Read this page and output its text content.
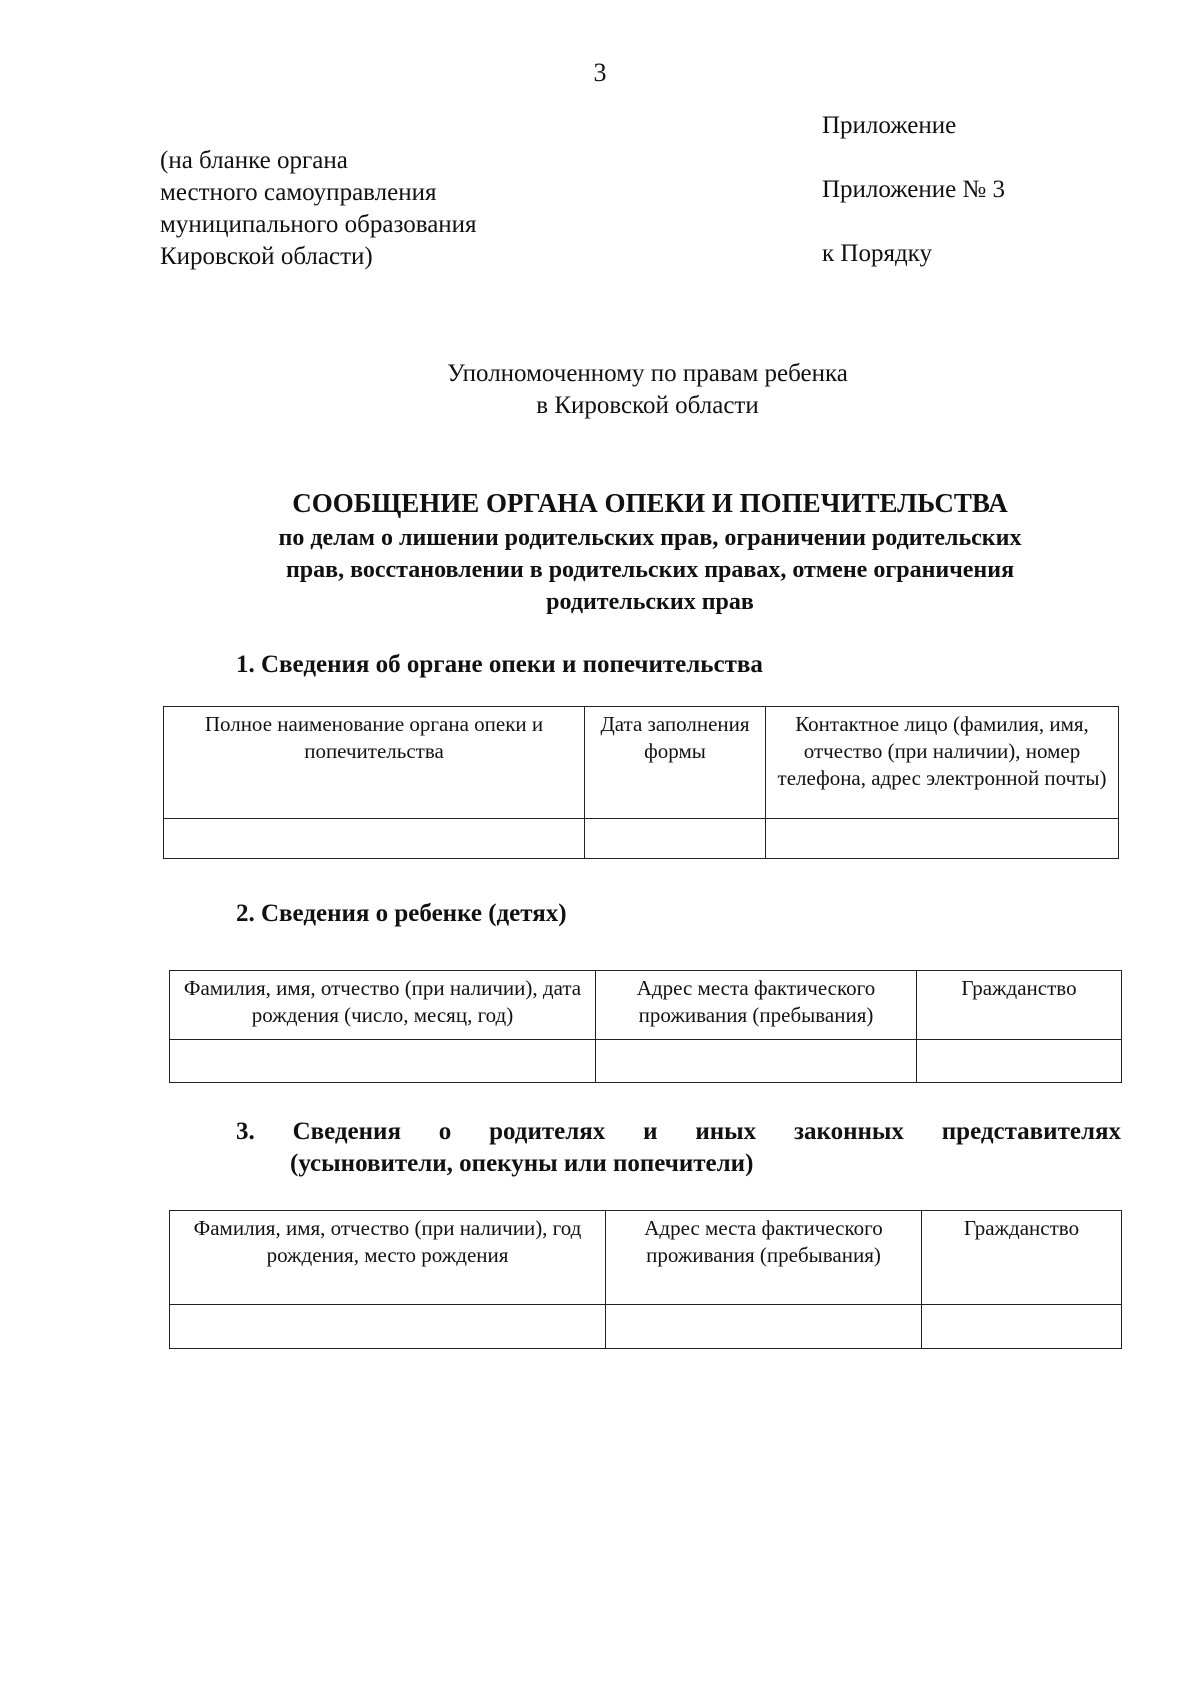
3
(на бланке органа
местного самоуправления
муниципального образования
Кировской области)
Приложение
Приложение № 3
к Порядку
Уполномоченному по правам ребенка
в Кировской области
СООБЩЕНИЕ ОРГАНА ОПЕКИ И ПОПЕЧИТЕЛЬСТВА
по делам о лишении родительских прав, ограничении родительских
прав, восстановлении в родительских правах, отмене ограничения
родительских прав
1. Сведения об органе опеки и попечительства
Полное наименование органа опеки и попечительства	Дата заполнения формы	Контактное лицо (фамилия, имя, отчество (при наличии), номер телефона, адрес электронной почты)

2. Сведения о ребенке (детях)
Фамилия, имя, отчество (при наличии), дата рождения (число, месяц, год)	Адрес места фактического проживания (пребывания)	Гражданство

3. Сведения о родителях и иных законных представителях
(усыновители, опекуны или попечители)
Фамилия, имя, отчество (при наличии), год рождения, место рождения	Адрес места фактического проживания (пребывания)	Гражданство
